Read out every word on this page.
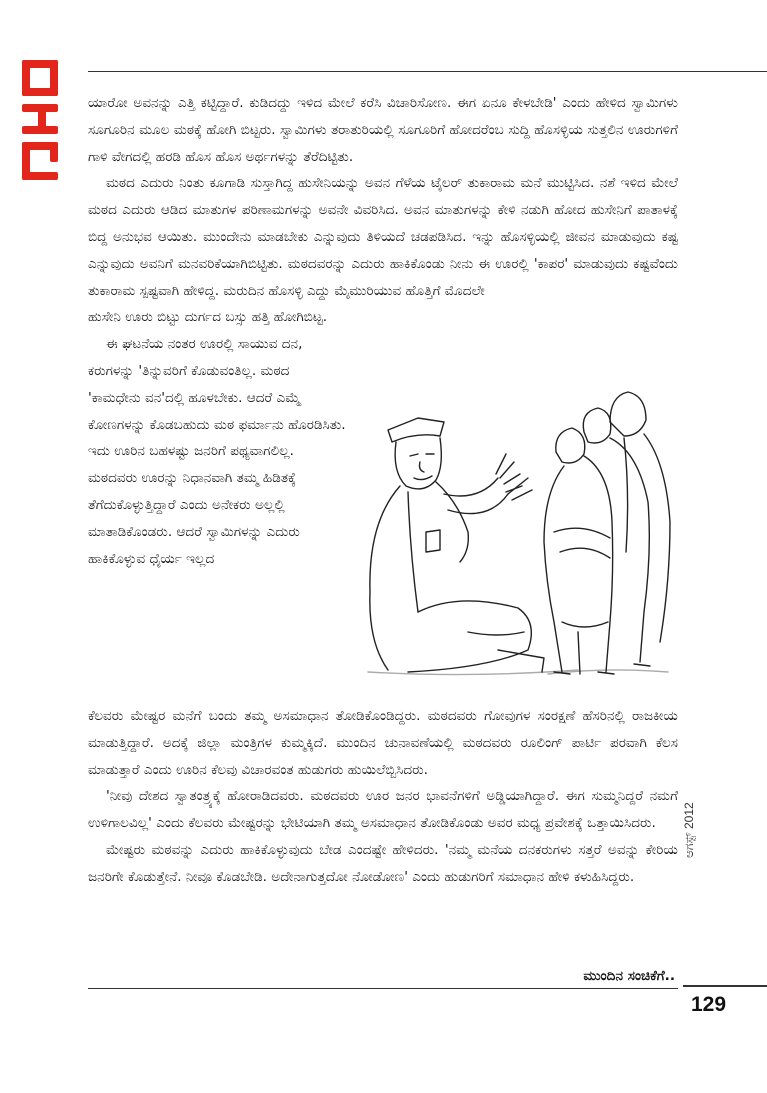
ಯಾರೋ ಅವನನ್ನು ಎತ್ತಿ ಕಟ್ಟಿದ್ದಾರೆ. ಕುಡಿದದ್ದು ಇಳಿದ ಮೇಲೆ ಕರೆಸಿ ವಿಚಾರಿಸೋಣ. ಈಗ ಏನೂ ಕೇಳಬೇಡಿ' ಎಂದು ಹೇಳಿದ ಸ್ವಾಮಿಗಳು ಸೂಗೂರಿನ ಮೂಲ ಮಠಕ್ಕೆ ಹೋಗಿ ಬಿಟ್ಟರು. ಸ್ವಾಮಿಗಳು ತರಾತುರಿಯಲ್ಲಿ ಸೂಗೂರಿಗೆ ಹೋದರೆಂಬ ಸುದ್ದಿ ಹೊಸಳ್ಳಿಯ ಸುತ್ತಲಿನ ಊರುಗಳಿಗೆ ಗಾಳಿ ವೇಗದಲ್ಲಿ ಹರಡಿ ಹೊಸ ಹೊಸ ಅರ್ಥಗಳನ್ನು ತೆರೆದಿಟ್ಟಿತು.

ಮಠದ ಎದುರು ನಿಂತು ಕೂಗಾಡಿ ಸುಸ್ತಾಗಿದ್ದ ಹುಸೇನಿಯನ್ನು ಅವನ ಗೆಳೆಯ ಟೈಲರ್ ತುಕಾರಾಮ ಮನೆ ಮುಟ್ಟಿಸಿದ. ನಶೆ ಇಳಿದ ಮೇಲೆ ಮಠದ ಎದುರು ಆಡಿದ ಮಾತುಗಳ ಪರಿಣಾಮಗಳನ್ನು ಅವನೇ ವಿವರಿಸಿದ. ಅವನ ಮಾತುಗಳನ್ನು ಕೇಳಿ ನಡುಗಿ ಹೋದ ಹುಸೇನಿಗೆ ಪಾತಾಳಕ್ಕೆ ಬಿದ್ದ ಅನುಭವ ಆಯಿತು. ಮುಂದೇನು ಮಾಡಬೇಕು ಎನ್ನುವುದು ತಿಳಿಯದೆ ಚಡಪಡಿಸಿದ. ಇನ್ನು ಹೊಸಳ್ಳಿಯಲ್ಲಿ ಜೀವನ ಮಾಡುವುದು ಕಷ್ಟ ಎನ್ನುವುದು ಅವನಿಗೆ ಮನವರಿಕೆಯಾಗಿಬಿಟ್ಟಿತು. ಮಠದವರನ್ನು ಎದುರು ಹಾಕಿಕೊಂಡು ನೀನು ಈ ಊರಲ್ಲಿ 'ಕಾಪರ' ಮಾಡುವುದು ಕಷ್ಟವೆಂದು ತುಕಾರಾಮ ಸ್ಪಷ್ಟವಾಗಿ ಹೇಳಿದ್ದ. ಮರುದಿನ ಹೊಸಳ್ಳಿ ಎದ್ದು ಮೈಮುರಿಯುವ ಹೊತ್ತಿಗೆ ಮೊದಲೇ

ಹುಸೇನಿ ಊರು ಬಿಟ್ಟು ದುರ್ಗದ ಬಸ್ಸು ಹತ್ತಿ ಹೋಗಿಬಿಟ್ಟ.

ಈ ಘಟನೆಯ ನಂತರ ಊರಲ್ಲಿ ಸಾಯುವ ದನ, ಕರುಗಳನ್ನು 'ತಿನ್ನುವರಿಗೆ ಕೊಡುವಂತಿಲ್ಲ. ಮಠದ 'ಕಾಮಧೇನು ವನ'ದಲ್ಲಿ ಹೂಳಬೇಕು. ಆದರೆ ಎಮ್ಮೆ ಕೋಣಗಳನ್ನು ಕೊಡಬಹುದು ಮಠ ಫರ್ಮಾನು ಹೊರಡಿಸಿತು. ಇದು ಊರಿನ ಬಹಳಷ್ಟು ಜನರಿಗೆ ಪಥ್ಯವಾಗಲಿಲ್ಲ. ಮಠದವರು ಊರನ್ನು ನಿಧಾನವಾಗಿ ತಮ್ಮ ಹಿಡಿತಕ್ಕೆ ತೆಗೆದುಕೊಳ್ಳುತ್ತಿದ್ದಾರೆ ಎಂದು ಅನೇಕರು ಅಲ್ಲಲ್ಲಿ ಮಾತಾಡಿಕೊಂಡರು. ಆದರೆ ಸ್ವಾಮಿಗಳನ್ನು ಎದುರು ಹಾಕಿಕೊಳ್ಳುವ ಧೈರ್ಯ ಇಲ್ಲದ

ಕೆಲವರು ಮೇಷ್ಟರ ಮನೆಗೆ ಬಂದು ತಮ್ಮ ಅಸಮಾಧಾನ ತೋಡಿಕೊಂಡಿದ್ದರು. ಮಠದವರು ಗೋವುಗಳ ಸಂರಕ್ಷಣೆ ಹೆಸರಿನಲ್ಲಿ ರಾಜಕೀಯ ಮಾಡುತ್ತಿದ್ದಾರೆ. ಅದಕ್ಕೆ ಜಿಲ್ಲಾ ಮಂತ್ರಿಗಳ ಕುಮ್ಮಕ್ಕಿದೆ. ಮುಂದಿನ ಚುನಾವಣೆಯಲ್ಲಿ ಮಠದವರು ರೂಲಿಂಗ್ ಪಾರ್ಟಿ ಪರವಾಗಿ ಕೆಲಸ ಮಾಡುತ್ತಾರೆ ಎಂದು ಊರಿನ ಕೆಲವು ವಿಚಾರವಂತ ಹುಡುಗರು ಹುಯಿಲೆಬ್ಬಿಸಿದರು.

'ನೀವು ದೇಶದ ಸ್ವಾತಂತ್ರ್ಯಕ್ಕೆ ಹೋರಾಡಿದವರು. ಮಠದವರು ಊರ ಜನರ ಭಾವನೆಗಳಿಗೆ ಅಡ್ಡಿಯಾಗಿದ್ದಾರೆ. ಈಗ ಸುಮ್ಮನಿದ್ದರೆ ನಮಗೆ ಉಳಿಗಾಲವಿಲ್ಲ' ಎಂದು ಕೆಲವರು ಮೇಷ್ಟರನ್ನು ಭೇಟಿಯಾಗಿ ತಮ್ಮ ಅಸಮಾಧಾನ ತೋಡಿಕೊಂಡು ಅವರ ಮಧ್ಯ ಪ್ರವೇಶಕ್ಕೆ ಒತ್ತಾಯಿಸಿದರು.

ಮೇಷ್ಟರು ಮಠವನ್ನು ಎದುರು ಹಾಕಿಕೊಳ್ಳುವುದು ಬೇಡ ಎಂದಷ್ಟೇ ಹೇಳಿದರು. 'ನಮ್ಮ ಮನೆಯ ದನಕರುಗಳು ಸತ್ತರೆ ಅವನ್ನು ಕೇರಿಯ ಜನರಿಗೇ ಕೊಡುತ್ತೇನೆ. ನೀವೂ ಕೊಡಬೇಡಿ. ಅದೇನಾಗುತ್ತದೋ ನೋಡೋಣ' ಎಂದು ಹುಡುಗರಿಗೆ ಸಮಾಧಾನ ಹೇಳಿ ಕಳುಹಿಸಿದ್ದರು.

ಮುಂದಿನ ಸಂಚಿಕೆಗೆ..
ಆಗಸ್ಟ್
2012
129
